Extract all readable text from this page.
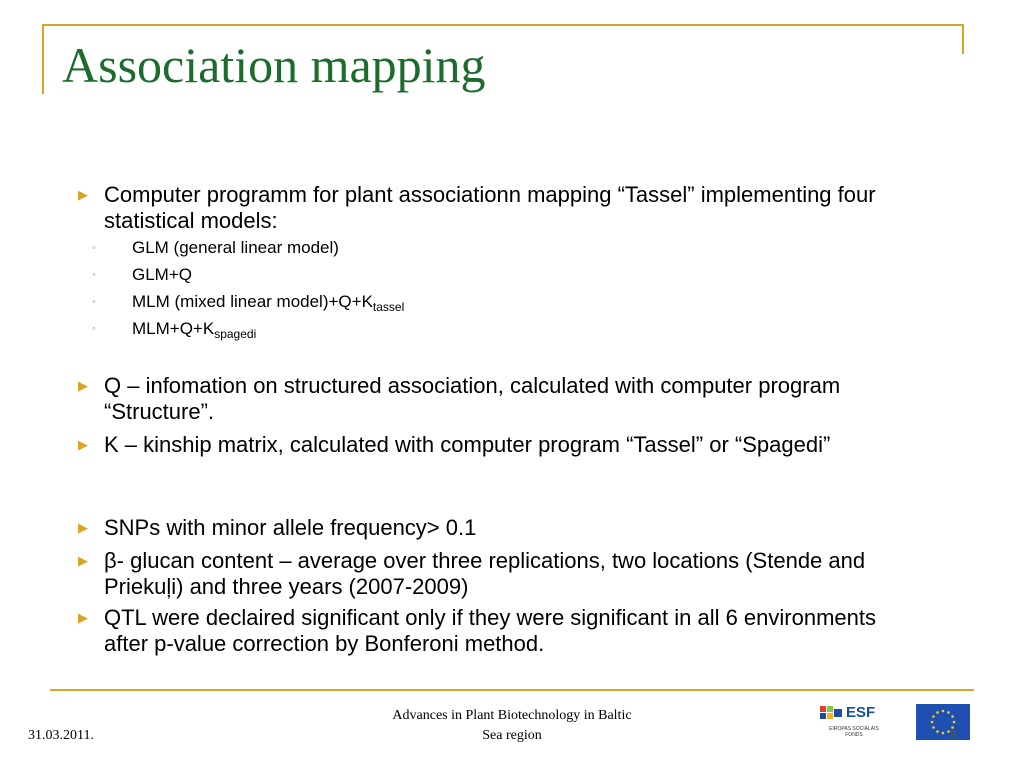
Association mapping
▶ Computer programm for plant associationn mapping “Tassel” implementing four statistical models:
◦ GLM (general linear model)
◦ GLM+Q
◦ MLM (mixed linear $model)+Q+K_{tassel}$
◦ $MLM+Q+K_{spagedi}$
▶ Q – infomation on structured association, calculated with computer program “Structure”.
▶ K – kinship matrix, calculated with computer program “Tassel” or “Spagedi”
▶ SNPs with minor allele frequency> 0.1
▶ β- glucan content – average over three replications, two locations (Stende and Priekuļi) and three years (2007-2009)
▶ QTL were declaired significant only if they were significant in all 6 environments after p-value correction by Bonferoni method.
31.03.2011.
Advances in Plant Biotechnology in Baltic
Sea region
ESF
EIROPAS SOCIĀLAIS FONDS	8
